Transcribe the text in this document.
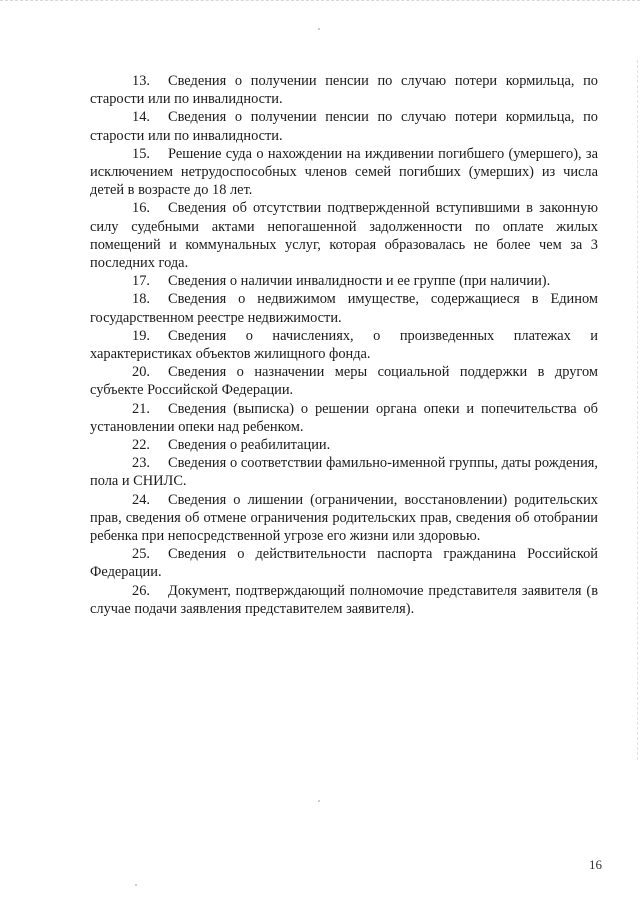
13. Сведения о получении пенсии по случаю потери кормильца, по старости или по инвалидности.

14. Сведения о получении пенсии по случаю потери кормильца, по старости или по инвалидности.

15. Решение суда о нахождении на иждивении погибшего (умершего), за исключением нетрудоспособных членов семей погибших (умерших) из числа детей в возрасте до 18 лет.

16. Сведения об отсутствии подтвержденной вступившими в законную силу судебными актами непогашенной задолженности по оплате жилых помещений и коммунальных услуг, которая образовалась не более чем за 3 последних года.

17. Сведения о наличии инвалидности и ее группе (при наличии).

18. Сведения о недвижимом имуществе, содержащиеся в Едином государственном реестре недвижимости.

19. Сведения о начислениях, о произведенных платежах и характеристиках объектов жилищного фонда.

20. Сведения о назначении меры социальной поддержки в другом субъекте Российской Федерации.

21. Сведения (выписка) о решении органа опеки и попечительства об установлении опеки над ребенком.

22. Сведения о реабилитации.

23. Сведения о соответствии фамильно-именной группы, даты рождения, пола и СНИЛС.

24. Сведения о лишении (ограничении, восстановлении) родительских прав, сведения об отмене ограничения родительских прав, сведения об отобрании ребенка при непосредственной угрозе его жизни или здоровью.

25. Сведения о действительности паспорта гражданина Российской Федерации.

26. Документ, подтверждающий полномочие представителя заявителя (в случае подачи заявления представителем заявителя).

16
